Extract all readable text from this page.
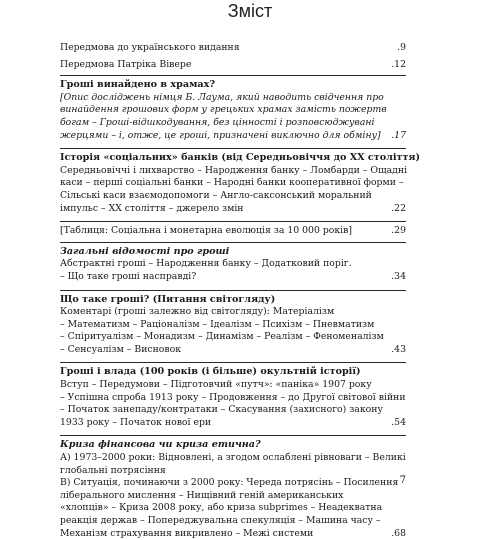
Зміст
Передмова до українського видання	.9
Передмова Патріка Вівере	.12
Гроші винайдено в храмах?
[Опис досліджень німця Б. Лаума, який наводить свідчення про
винайдення грошових форм у грецьких храмах замість пожертв
богам – Гроші-відшкодування, без цінності і розповсюджувані
жерцями – і, отже, це гроші, призначені виключно для обміну] .17
Історія «соціальних» банків (від Середньовіччя до XX століття)
Середньовіччі і лихварство – Народження банку – Ломбарди – Ощадні
каси – перші соціальні банки – Народні банки кооперативної форми –
Сільські каси взаємодопомоги – Англо-саксонський моральний
імпульс – XX століття – джерело змін	.22
[Таблиця: Соціальна і монетарна еволюція за 10 000 років]	.29
Загальні відомості про гроші
Абстрактні гроші – Народження банку – Додатковий поріг.
– Що таке гроші насправді?	.34
Що таке гроші? (Питання світогляду)
Коментарі (гроші залежно від світогляду): Матеріалізм
– Математизм – Раціоналізм – Ідеалізм – Психізм – Пневматизм
– Спіритуалізм – Монадизм – Динамізм – Реалізм – Феноменалізм
– Сенсуалізм – Висновок	.43
Гроші і влада (100 років (і більше) окультній історії)
Вступ – Передумови – Підготовчий «путч»: «паніка» 1907 року
– Успішна спроба 1913 року – Продовження – до Другої світової війни
– Початок занепаду/контратаки – Скасування (захисного) закону
1933 року – Початок нової ери	.54
Криза фінансова чи криза етична?
А) 1973–2000 роки: Відновлені, а згодом ослаблені рівноваги – Великі
глобальні потрясіння
B) Ситуація, починаючи з 2000 року: Череда потрясінь – Посилення
ліберального мислення – Нищівний геній американських
«хлопців» – Криза 2008 року, або криза subprimes – Неадекватна
реакція держав – Попереджувальна спекуляція – Машина часу –
Механізм страхування викривлено – Межі системи	.68
7
